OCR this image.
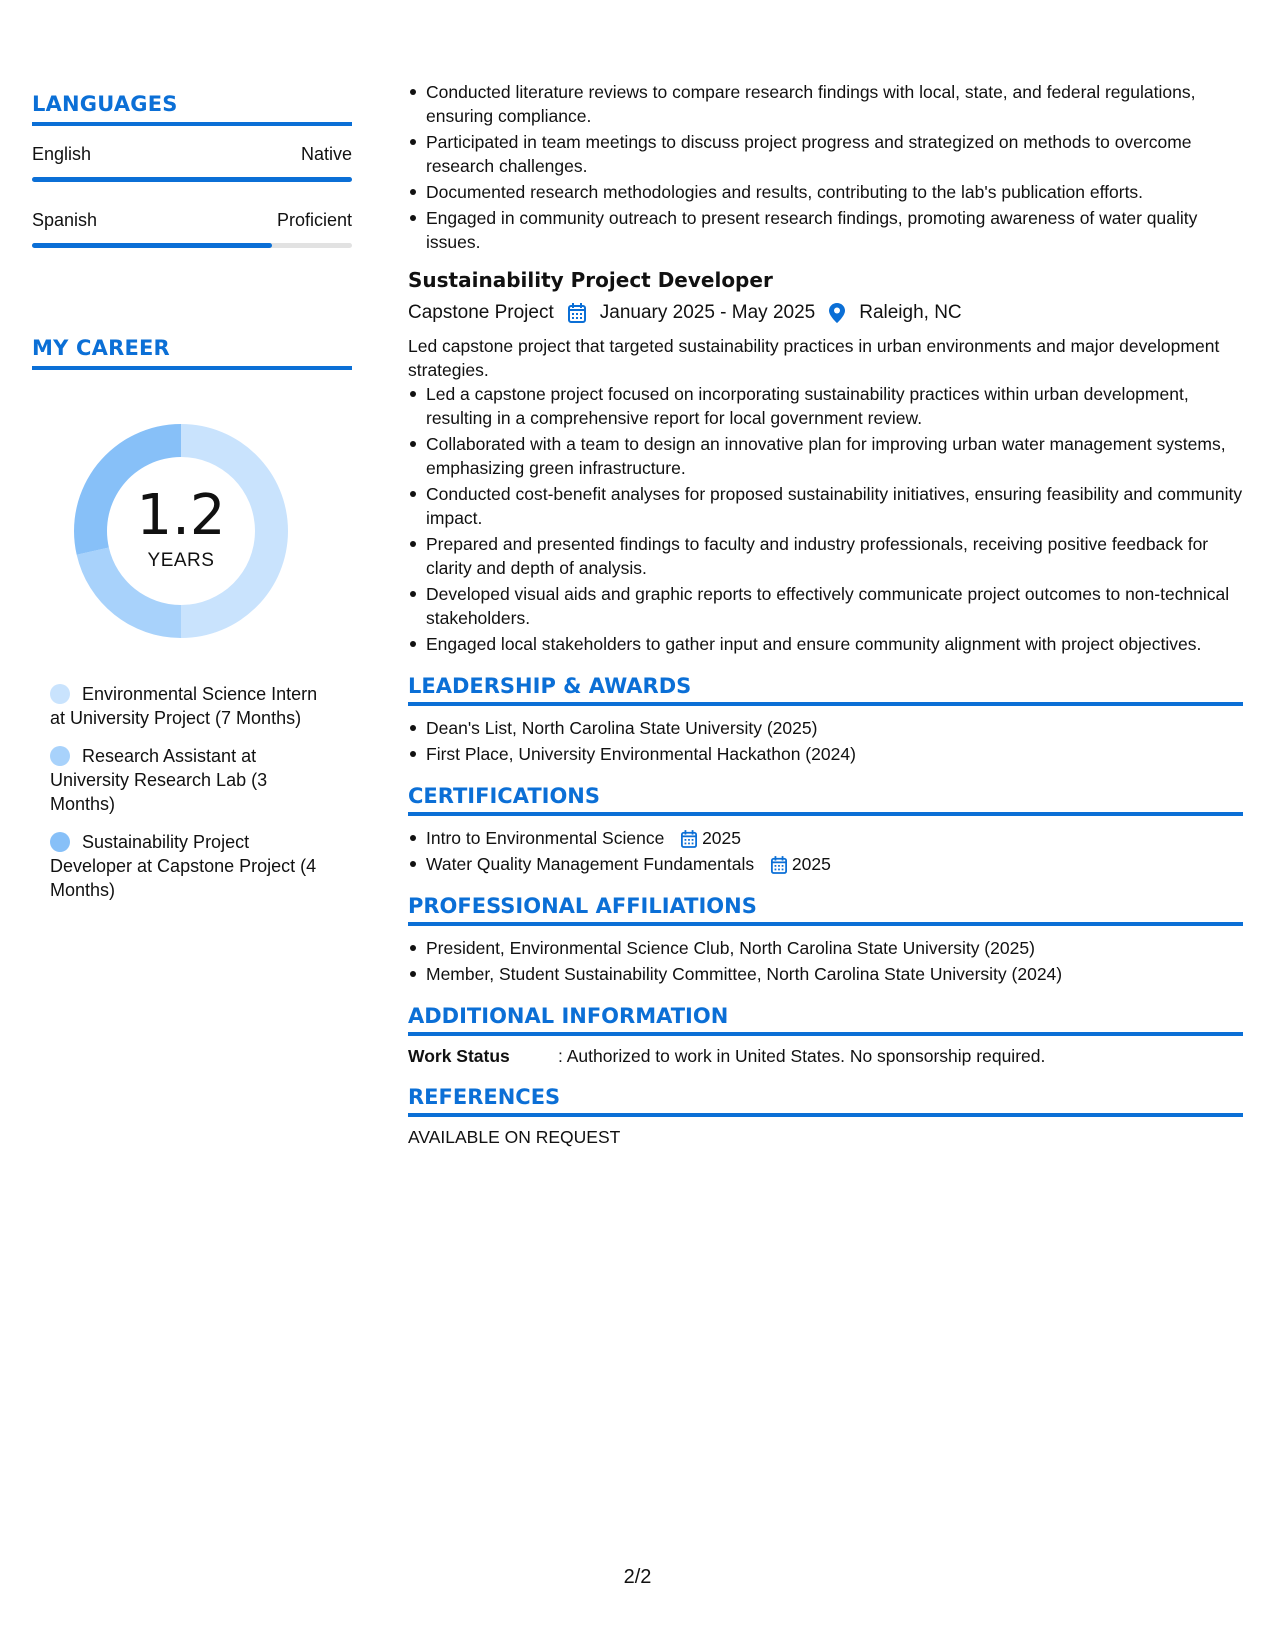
LANGUAGES
English	Native
Spanish	Proficient
MY CAREER
1.2
YEARS
Environmental Science Intern at University Project (7 Months)
Research Assistant at University Research Lab (3 Months)
Sustainability Project Developer at Capstone Project (4 Months)
Conducted literature reviews to compare research findings with local, state, and federal regulations, ensuring compliance.
Participated in team meetings to discuss project progress and strategized on methods to overcome research challenges.
Documented research methodologies and results, contributing to the lab's publication efforts.
Engaged in community outreach to present research findings, promoting awareness of water quality issues.
Sustainability Project Developer
Capstone Project January 2025 - May 2025 Raleigh, NC
Led capstone project that targeted sustainability practices in urban environments and major development strategies.
Led a capstone project focused on incorporating sustainability practices within urban development, resulting in a comprehensive report for local government review.
Collaborated with a team to design an innovative plan for improving urban water management systems, emphasizing green infrastructure.
Conducted cost-benefit analyses for proposed sustainability initiatives, ensuring feasibility and community impact.
Prepared and presented findings to faculty and industry professionals, receiving positive feedback for clarity and depth of analysis.
Developed visual aids and graphic reports to effectively communicate project outcomes to non-technical stakeholders.
Engaged local stakeholders to gather input and ensure community alignment with project objectives.
LEADERSHIP & AWARDS
Dean's List, North Carolina State University (2025)
First Place, University Environmental Hackathon (2024)
CERTIFICATIONS
Intro to Environmental Science 2025
Water Quality Management Fundamentals 2025
PROFESSIONAL AFFILIATIONS
President, Environmental Science Club, North Carolina State University (2025)
Member, Student Sustainability Committee, North Carolina State University (2024)
ADDITIONAL INFORMATION
Work Status	: Authorized to work in United States. No sponsorship required.
REFERENCES
AVAILABLE ON REQUEST
2/2
